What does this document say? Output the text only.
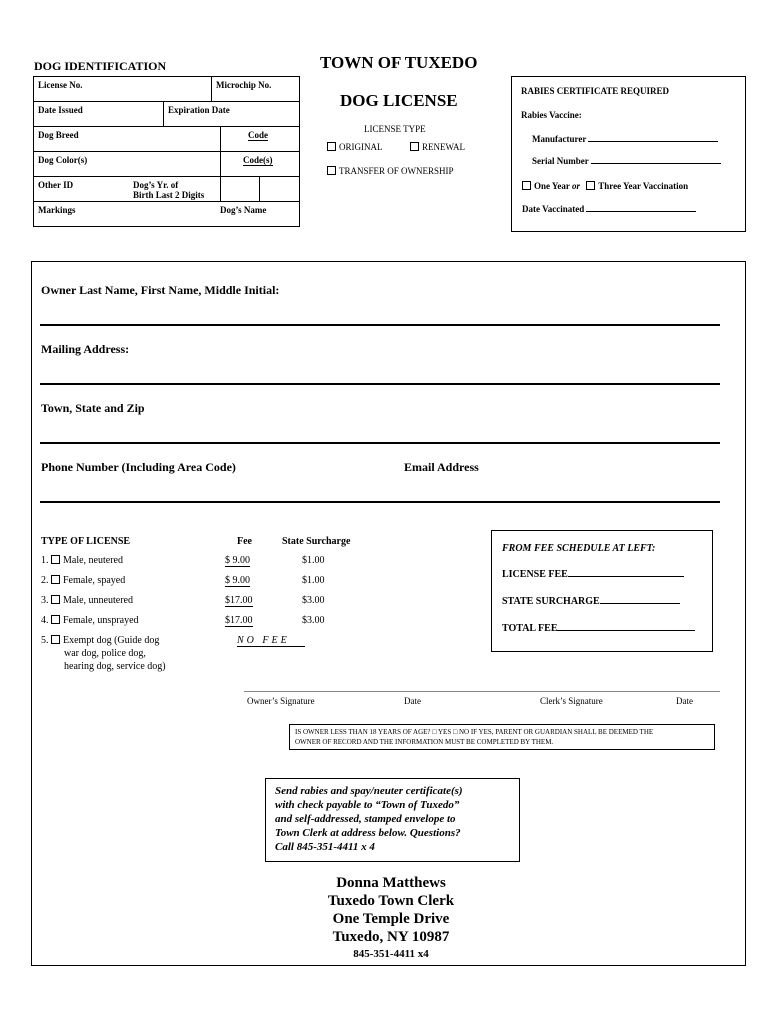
DOG IDENTIFICATION
License No.	Microchip No.
Date Issued	Expiration Date
Dog Breed	Code
Dog Color(s)	Code(s)
Other ID	Dog’s Yr. of
Birth Last 2 Digits
Markings	Dog’s Name
TOWN OF TUXEDO
DOG LICENSE
LICENSE TYPE
ORIGINAL	RENEWAL
TRANSFER OF OWNERSHIP
RABIES CERTIFICATE REQUIRED
Rabies Vaccine:
Manufacturer
Serial Number
One Year or Three Year Vaccination
Date Vaccinated
Owner Last Name, First Name, Middle Initial:
Mailing Address:
Town, State and Zip
Phone Number (Including Area Code)	Email Address
TYPE OF LICENSE	Fee	State Surcharge
1. Male, neutered	$ 9.00	$1.00
2. Female, spayed	$ 9.00	$1.00
3. Male, unneutered	$17.00	$3.00
4. Female, unsprayed	$17.00	$3.00
5. Exempt dog (Guide dog
war dog, police dog,
hearing dog, service dog)
NO FEE
FROM FEE SCHEDULE AT LEFT:
LICENSE FEE
STATE SURCHARGE
TOTAL FEE
Owner’s Signature	Date	Clerk’s Signature	Date
IS OWNER LESS THAN 18 YEARS OF AGE? □ YES □ NO IF YES, PARENT OR GUARDIAN SHALL BE DEEMED THE
OWNER OF RECORD AND THE INFORMATION MUST BE COMPLETED BY THEM.
Send rabies and spay/neuter certificate(s)
with check payable to “Town of Tuxedo”
and self-addressed, stamped envelope to
Town Clerk at address below. Questions?
Call 845-351-4411 x 4
Donna Matthews
Tuxedo Town Clerk
One Temple Drive
Tuxedo, NY 10987
845-351-4411 x4
